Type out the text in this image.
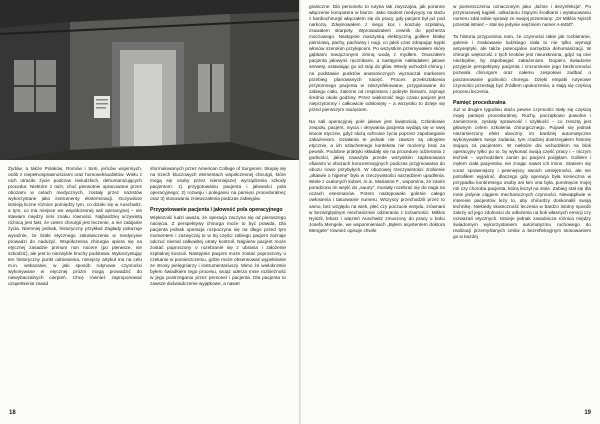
Żydów, a także Polaków, Romów i Sinti, jeńców wojennych, osób z niepełnosprawnościami oraz homoseksualistów. Wielu z nich utraciło życie podczas nieludzkich, dehumanizujących procedur. Niektóre z nich, choć pierwotnie opracowane przez obozami w celach medycznych, zostały przez nazistów wykorzystane jako instrumenty eksterminacji. Oczywiście istnieją liczne różnice pomiędzy tym, co działo się w Auschwitz, a tym, co ma miejsce we współczesnej sali operacyjnej – nie stawiam między nimi znaku równości. Najbardziej oczywistą różnicą jest fakt, że celem chirurgii jest leczenie, a nie zabijanie życia. Niemniej jednak, historyczny przykład Zagłady pokazuje wyraźnie, że braki etycznego zakotwiczenia w medycynie prowadzi do nadużyć. Współczesna chirurgia opiera się na etycznej zasadzie primum non nocere (po pierwsze, nie szkodzić), ale jest to niezwykle kruchy podstawa. Wykorzystując ten historyczny punkt odniesienia, niniejszy artykuł ma na celu m.in. wskazanie, w jaki sposób rutynowe czynności wykonywane w etycznej próżni mogą prowadzić do niewybaczalnych cierpień. Chcę również zaproponować uzupełnienie zasad

sformułowanych przez American College of Surgeons. Skupię się na trzech kluczowych elementach współczesnej chirurgii, które mogą się osoby przez niemniejsze) wyrządzenia szkody pacjentom: 1) przygotowaniu pacjenta i jałowości pola operacyjnego; 2) rozwoju i poleganiu na pamięci proceduralnej; oraz 3) stosowaniu zniewczalenia podczas zabiegów.

Przygotowanie pacjenta i jałowość pola operacyjnego

Większość ludzi uważa, że operacja zaczyna się od pierwszego nacięcia. Z perspektywy chirurga może to być prawda. Dla pacjenta jednak operacja rozpoczyna się na długo przed tym momentem i zazwyczaj to w tej części zabiegu pacjent zaznaje odczuć niemal całkowitej utraty kontroli. Najpierw pacjent może zostać poproszony o rozebranie się z ubrania i założenie szpitalnej koszuli. Następnie pacjent może zostać poproszony o czekanie w pomieszczeniu, gdzie może obserwować wypełnianie ze strony pielęgniarzy i instrumentariuszy. Mimo że wielokrotnie byłem świadkiem tego procesu, wciąż uderza mnie rozbieżność w jego postrzeganiu przez personel i pacjenta. Dla pacjenta to zawsze doświadczenie wyjątkowe, a nawet

18

graniczne. Dla personelu to rutyna tak zwyczajna, jak poranne włączenie komputera w biurze. Jako student medycyny na stażu z kardiochirurgii włączałem się do pracy, gdy pacjent był już pod narkozą. Zdejmowałem z niego koc i koszulę szpitalną, zsuwałem skarpety. Wprowadzałem cewnik do pęcherza moczowego. Następnie maszynką elektryczną goliłem klatkę piersiową, pachy, pachwiny i nogi, co jakiś czas zdrapując kępki włosów szerokim przylepcem. Po wszystkim przemywałem skórę gąbkami nasączonymi zimną wodą z mydłem. Osuszałem pacjenta jałowymi ręcznikami, a następnie nakładałem jałowe serwety, ostawiając go od stóp do głów. Wtedy wchodził chirurg i na podstawie punktów anatomicznych wyznaczał markerem przebieg planowanych nacięć. Proces przekształcenia przytomnego pacjenta w zdezynfekowane, przygotowane do zabiegu ciało, zależne od respiratora i pokryte lininami, zajmuje średnio około godziny. Przez większość tego czasu pacjent jest nieprzytomny i całkowicie odsłonięty – a wszystko to dzieje się przed pierwszym nacięciem.

Na sali operacyjnej pole jałowe jest świętością. Członkowie zespołu, pacjent, mycia i okrywania pacjenta wydają się w swej istocie etyczne, gdyż służą ochronie życia poprzez zapobieganie zakażeniom. Działania te jednak nie zawsze są obojętne etycznie, a ich szlachetnego kontekstu nie możemy brać za pewnik. Podobne praktyki składały się na procedurę odzierania z godności, jakiej zaważyła przede wszystkim zaplanowana ofiarami w obozach koncentracyjnych podczas przyjmowania do obozu nowo przybyłych. W obozowej rzeczywistości zrobienie „ołtaiwie o higienę” było w rzeczywistości narzędziem upodlenia. Wiele z ocalonych kobiet, m.in. Marianne F., wspomina, że zanim poradzono im wejść do „sauny”, musiały rozebrać się do naga na oczach esesmanów. Potem następowało golenie całego owłosienia i tatuowanie numeru. Wszyscy przechodzili przez to samo, bez względu na wiek, płeć czy poczucie wstydu, zrównani w bezwzględnym mechanizmie odzierania z tożsamości. Miklos Nyiszli, lekarz i więzień Auschwitz zmuszony do pracy u boku Josefa Mengele, we wspomnieniach „Byłem asystentem doktora Mengele” również opisuje chwile

w pomieszczeniu oznaczonym jako „łaźnie i dezynfekcja”. Po przymusowej kąpieli, odkażaniu żrącymi środkami i wytatuowaniu numeru zdał sobie sprawę ze swojej przemiany: „Dr Miklós Nyiszli przestał istnieć – stał się jedynie więźniem numer A-8450”.

Ta historia przypomina nam, że czynności takie jak rozbieranie, golenie i znakowanie ludzkiego ciała to nie tylko wymogi antyseptyki, ale także potencjalne narzędzia dehumanizacji. W chirurgii większość z tych kroków jest nieunikniona, gdyż są one niezbędne, by zapobiegać zakażeniom. Dopiero świadome przyjęcie perspektywy pacjenta i zrozumienie jego bezbronności pozwala chirurgom oraz całemu zespołowi zadbać o poszanowanie godności chorego. Dzięki empatii rutynowe czynności przestają być źródłem upokorzenia, a stają się częścią procesu leczenia.

Pamięć proceduralna

Już w drugim tygodniu stażu pewne czynności stały się częścią mojej pamięci proceduralnej. Ruchy, początkowo powolne i zamierzone, zyskały sprawność i szybkość – co zresztą jest głównym celem szkolenia chirurgicznego. Pojawił się jednak niezamierzony efekt uboczny: im bardziej automatyczne wykonywałem swoje zadania, tym rzadziej dostrzegałem historię stojącą za pacjentem. W niektóre dni wchodziłem na blok operacyjny tylko po to, by wykonać swoją część pracy i – niczym technik – wychodziłem zanim po pacjent podjęłam. Goliłem i myłem ciała pacjentów, nie znając nawet ich imion. Staniem się coraz sprawniejszy i pewniejszy swoich umiejętności, ale nie potrafiłem wyjaśnić, dlaczego gdy operacja była konieczna w przypadku konkretnego osoby ani kim ona była, pominięcie mojej roli czy choroba pacjenta, którą leczył na stole. Zabieg stał się dla mnie jedynie ciągiem mechanicznych czynności. Niewątpliwie w interesie pacjentów leży to, aby chirurdzy doskonalili swoją technikę. Niekiedy skuteczność leczenia w bardzo istotny sposób zależy od jego zdolności do odłożenia na bok własnych emocji czy rozważań etycznych. Istnieje jednak zasadnicza różnica między świadomym wykorzystaniem automatyzmu ruchowego do realizacji przemyślanych celów a bezrefleksyjnym stosowaniem go w każdej

19
